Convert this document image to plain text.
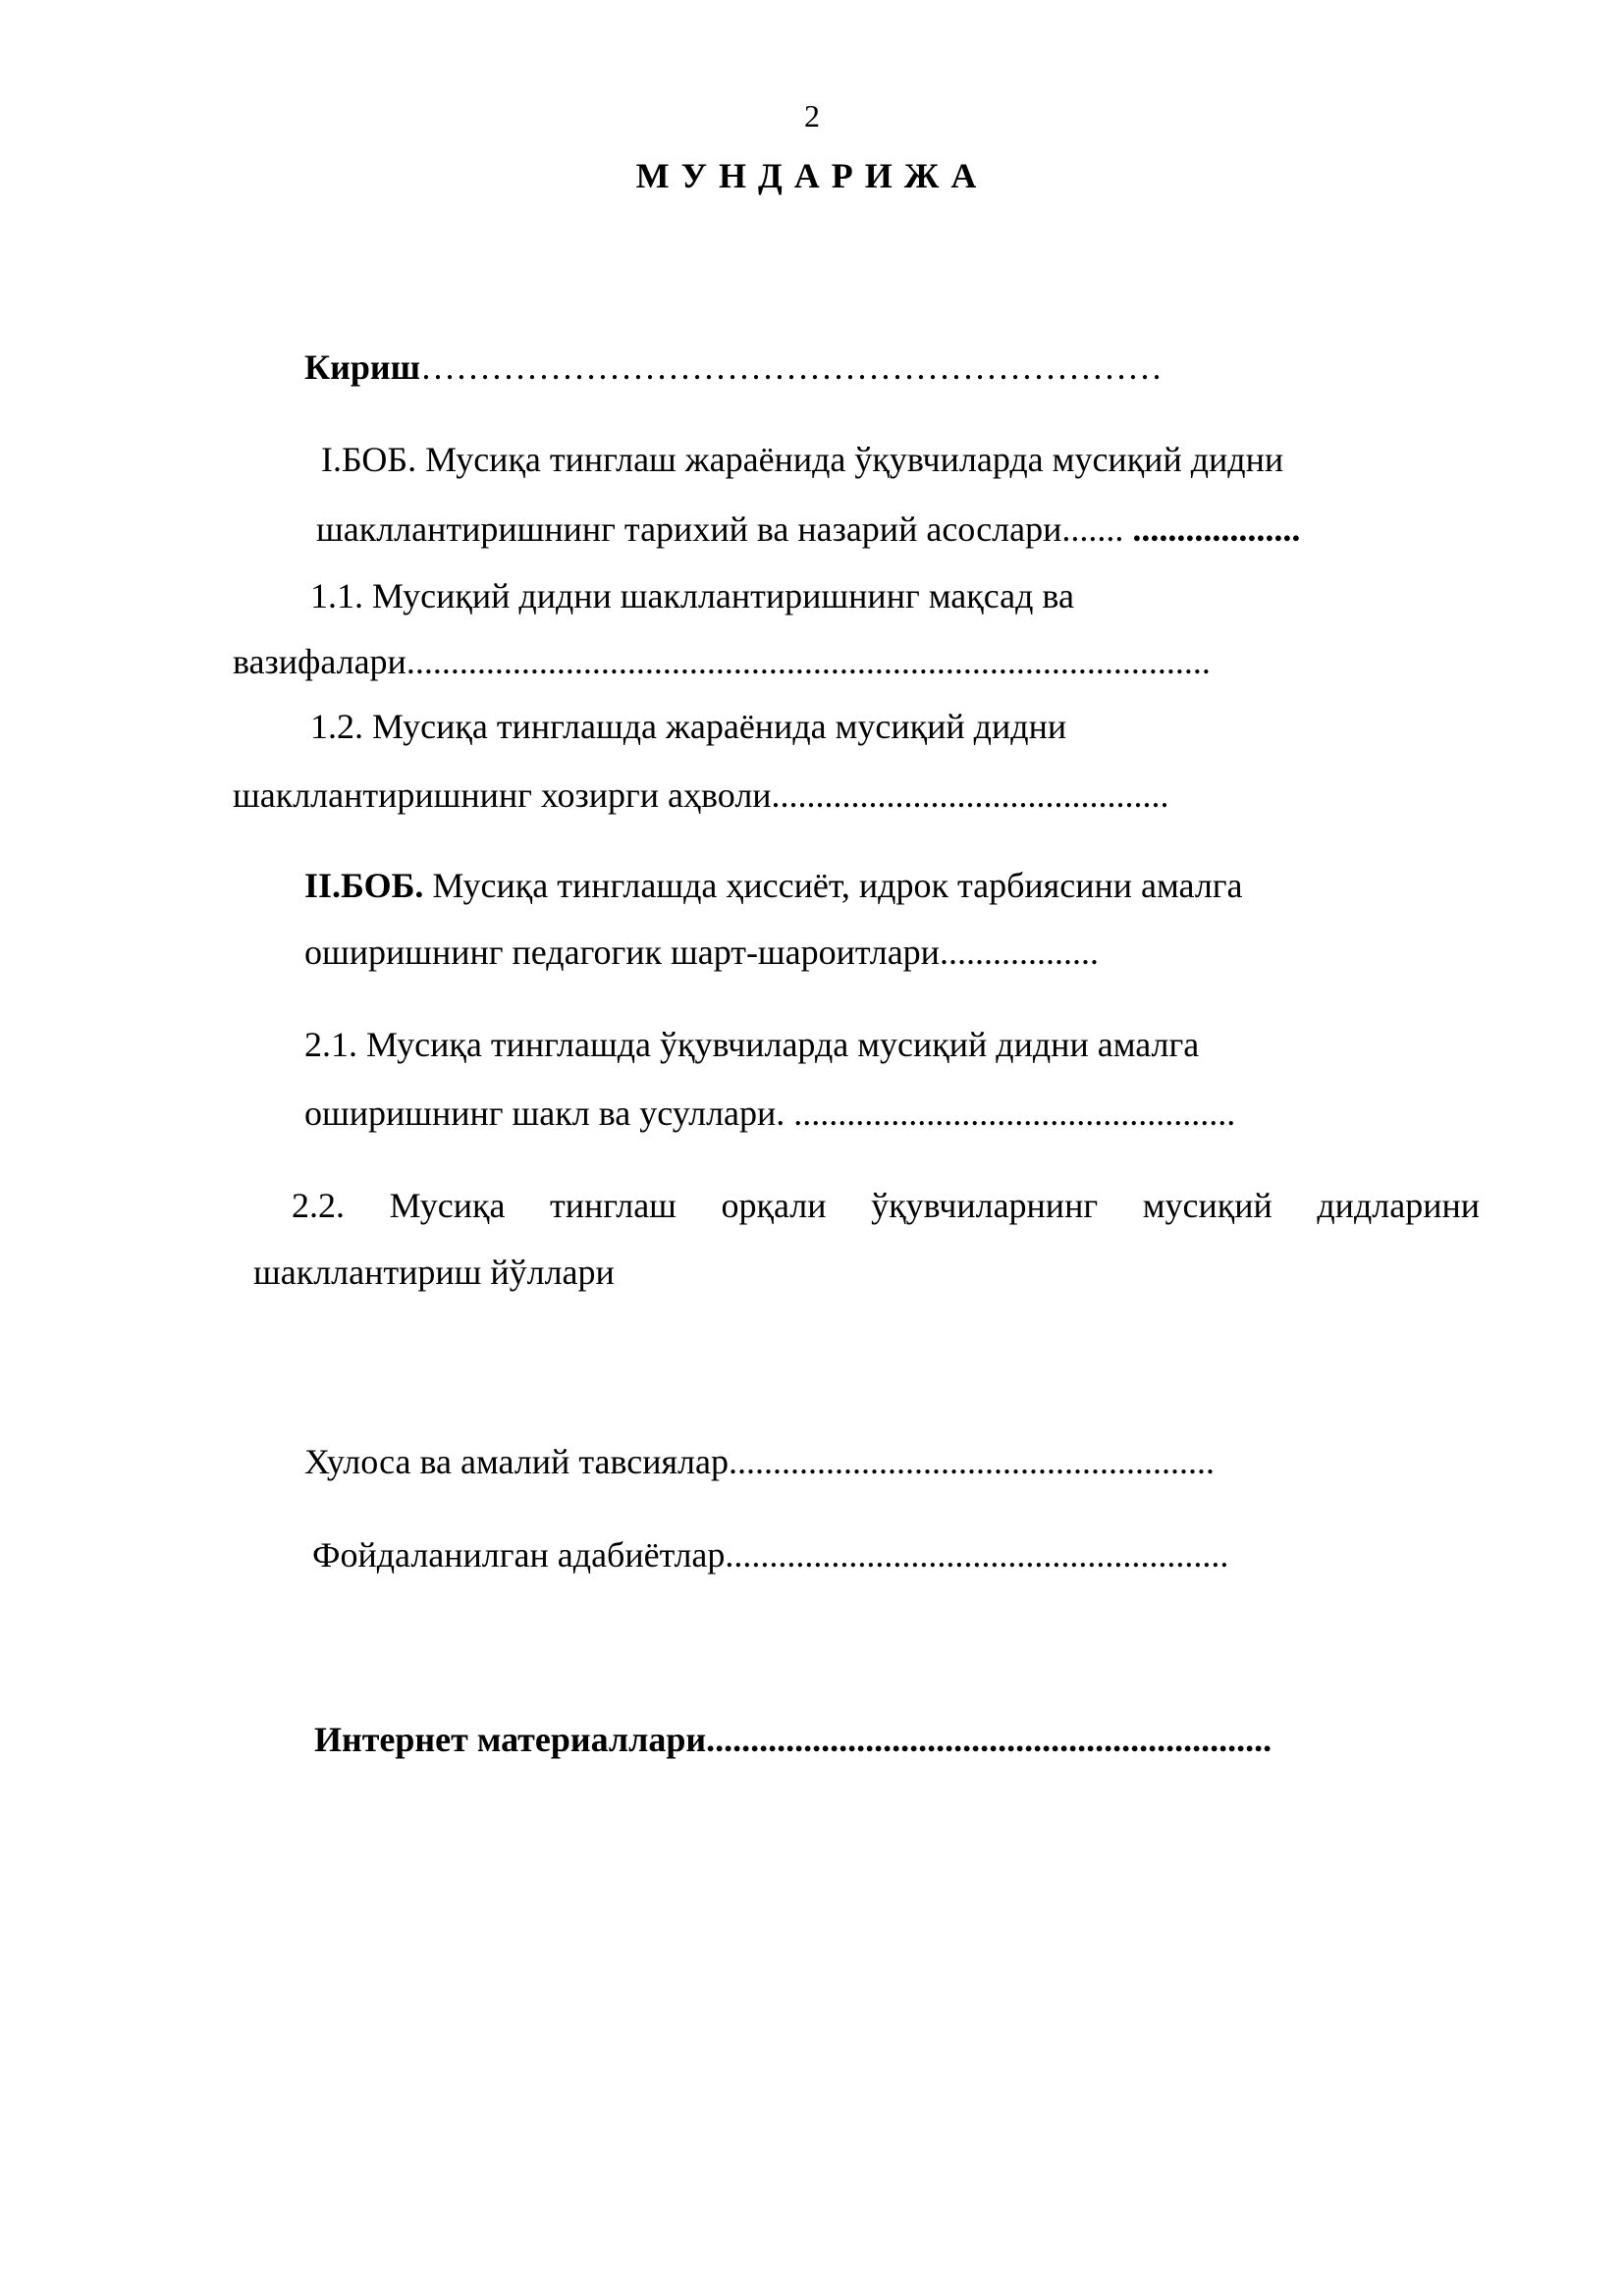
2
МУНДАРИЖА
Кириш………………………………………………………
I.БОБ. Мусиқа тинглаш жараёнида ўқувчиларда мусиқий дидни
шакллантиришнинг тарихий ва назарий асослари....... ...................
1.1. Мусиқий дидни шакллантиришнинг мақсад ва
вазифалари...........................................................................................
1.2. Мусиқа тинглашда жараёнида мусиқий дидни
шакллантиришнинг хозирги аҳволи.............................................
II.БОБ. Мусиқа тинглашда ҳиссиёт, идрок тарбиясини амалга
оширишнинг педагогик шарт-шароитлари..................
2.1. Мусиқа тинглашда ўқувчиларда мусиқий дидни амалга
оширишнинг шакл ва усуллари. ..................................................
2.2. Мусиқа тинглаш орқали ўқувчиларнинг мусиқий дидларини
шакллантириш йўллари
Хулоса ва амалий тавсиялар.......................................................
Фойдаланилган адабиётлар.........................................................
Интернет материаллари................................................................
